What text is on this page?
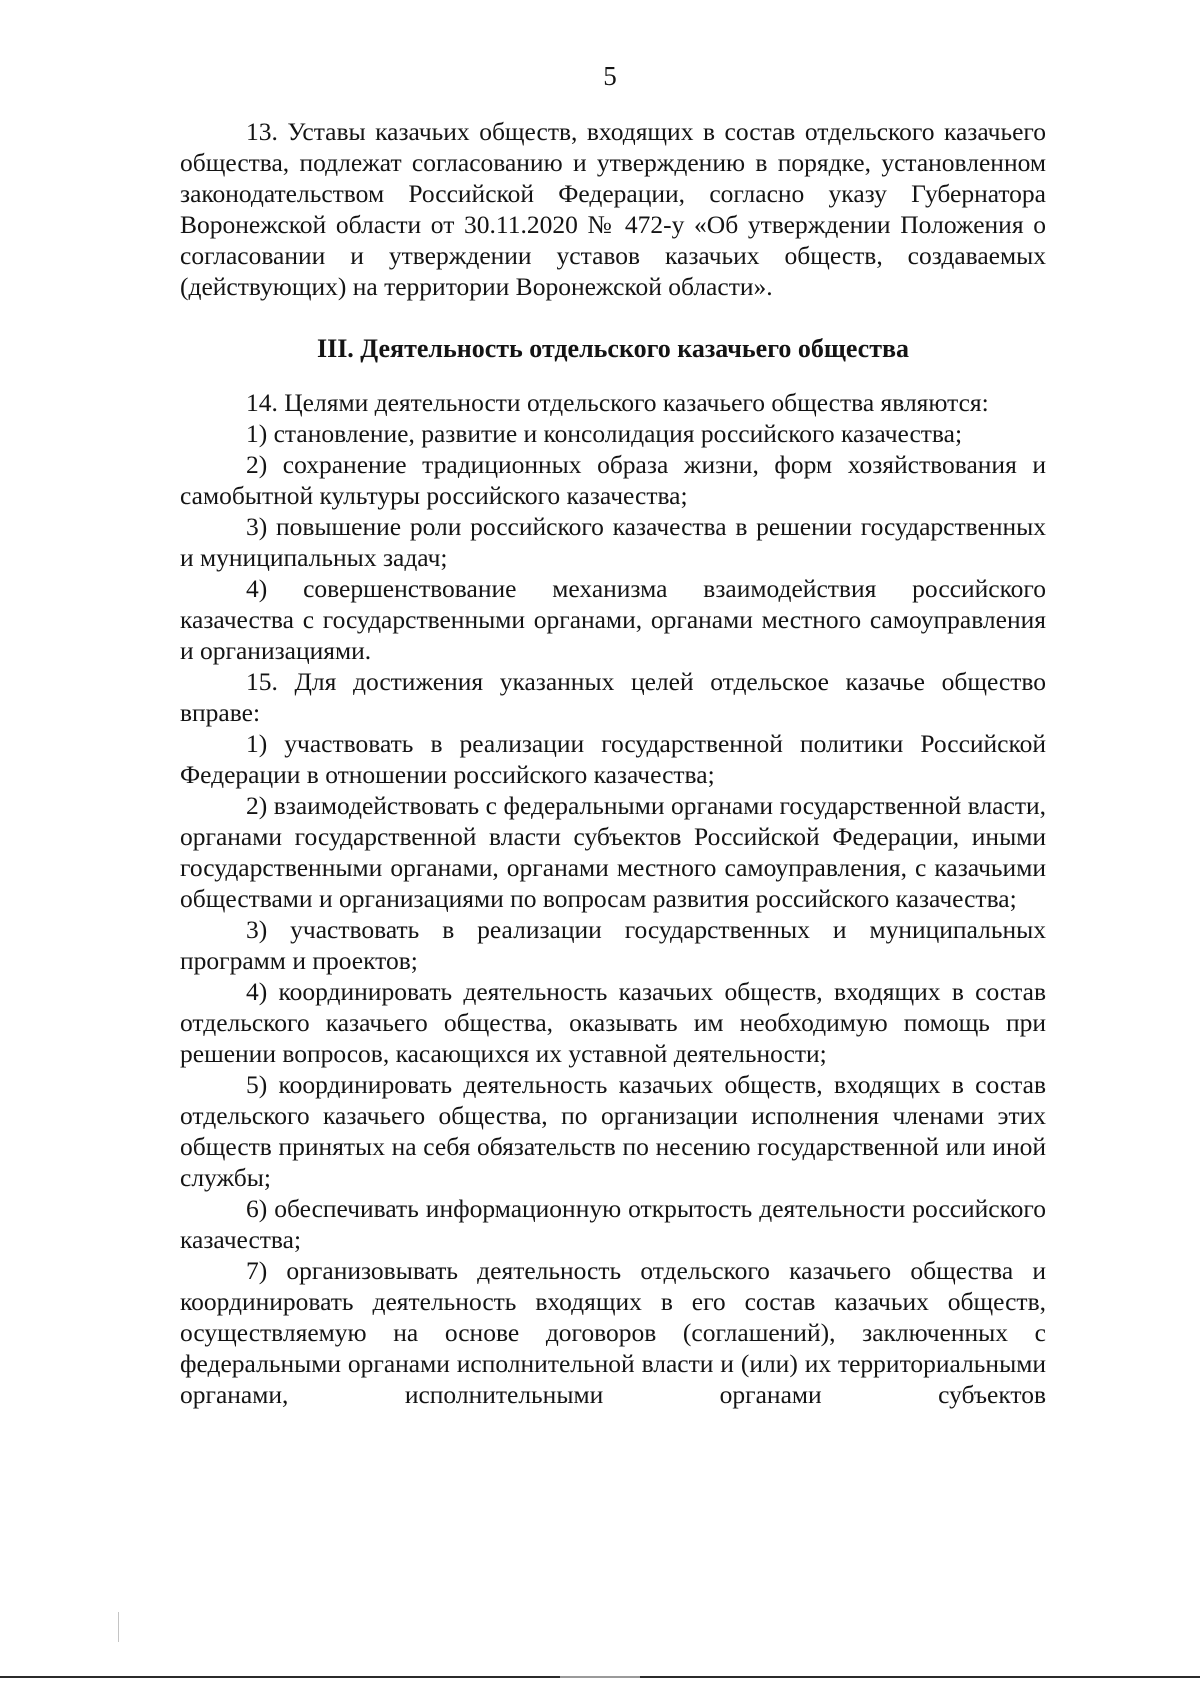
5

13. Уставы казачьих обществ, входящих в состав отдельского казачьего общества, подлежат согласованию и утверждению в порядке, установленном законодательством Российской Федерации, согласно указу Губернатора Воронежской области от 30.11.2020 № 472-у «Об утверждении Положения о согласовании и утверждении уставов казачьих обществ, создаваемых (действующих) на территории Воронежской области».

III. Деятельность отдельского казачьего общества

14. Целями деятельности отдельского казачьего общества являются:

1) становление, развитие и консолидация российского казачества;

2) сохранение традиционных образа жизни, форм хозяйствования и самобытной культуры российского казачества;

3) повышение роли российского казачества в решении государственных и муниципальных задач;

4) совершенствование механизма взаимодействия российского казачества с государственными органами, органами местного самоуправления и организациями.

15. Для достижения указанных целей отдельское казачье общество вправе:

1) участвовать в реализации государственной политики Российской Федерации в отношении российского казачества;

2) взаимодействовать с федеральными органами государственной власти, органами государственной власти субъектов Российской Федерации, иными государственными органами, органами местного самоуправления, с казачьими обществами и организациями по вопросам развития российского казачества;

3) участвовать в реализации государственных и муниципальных программ и проектов;

4) координировать деятельность казачьих обществ, входящих в состав отдельского казачьего общества, оказывать им необходимую помощь при решении вопросов, касающихся их уставной деятельности;

5) координировать деятельность казачьих обществ, входящих в состав отдельского казачьего общества, по организации исполнения членами этих обществ принятых на себя обязательств по несению государственной или иной службы;

6) обеспечивать информационную открытость деятельности российского казачества;

7) организовывать деятельность отдельского казачьего общества и координировать деятельность входящих в его состав казачьих обществ, осуществляемую на основе договоров (соглашений), заключенных с федеральными органами исполнительной власти и (или) их территориальными органами, исполнительными органами субъектов
